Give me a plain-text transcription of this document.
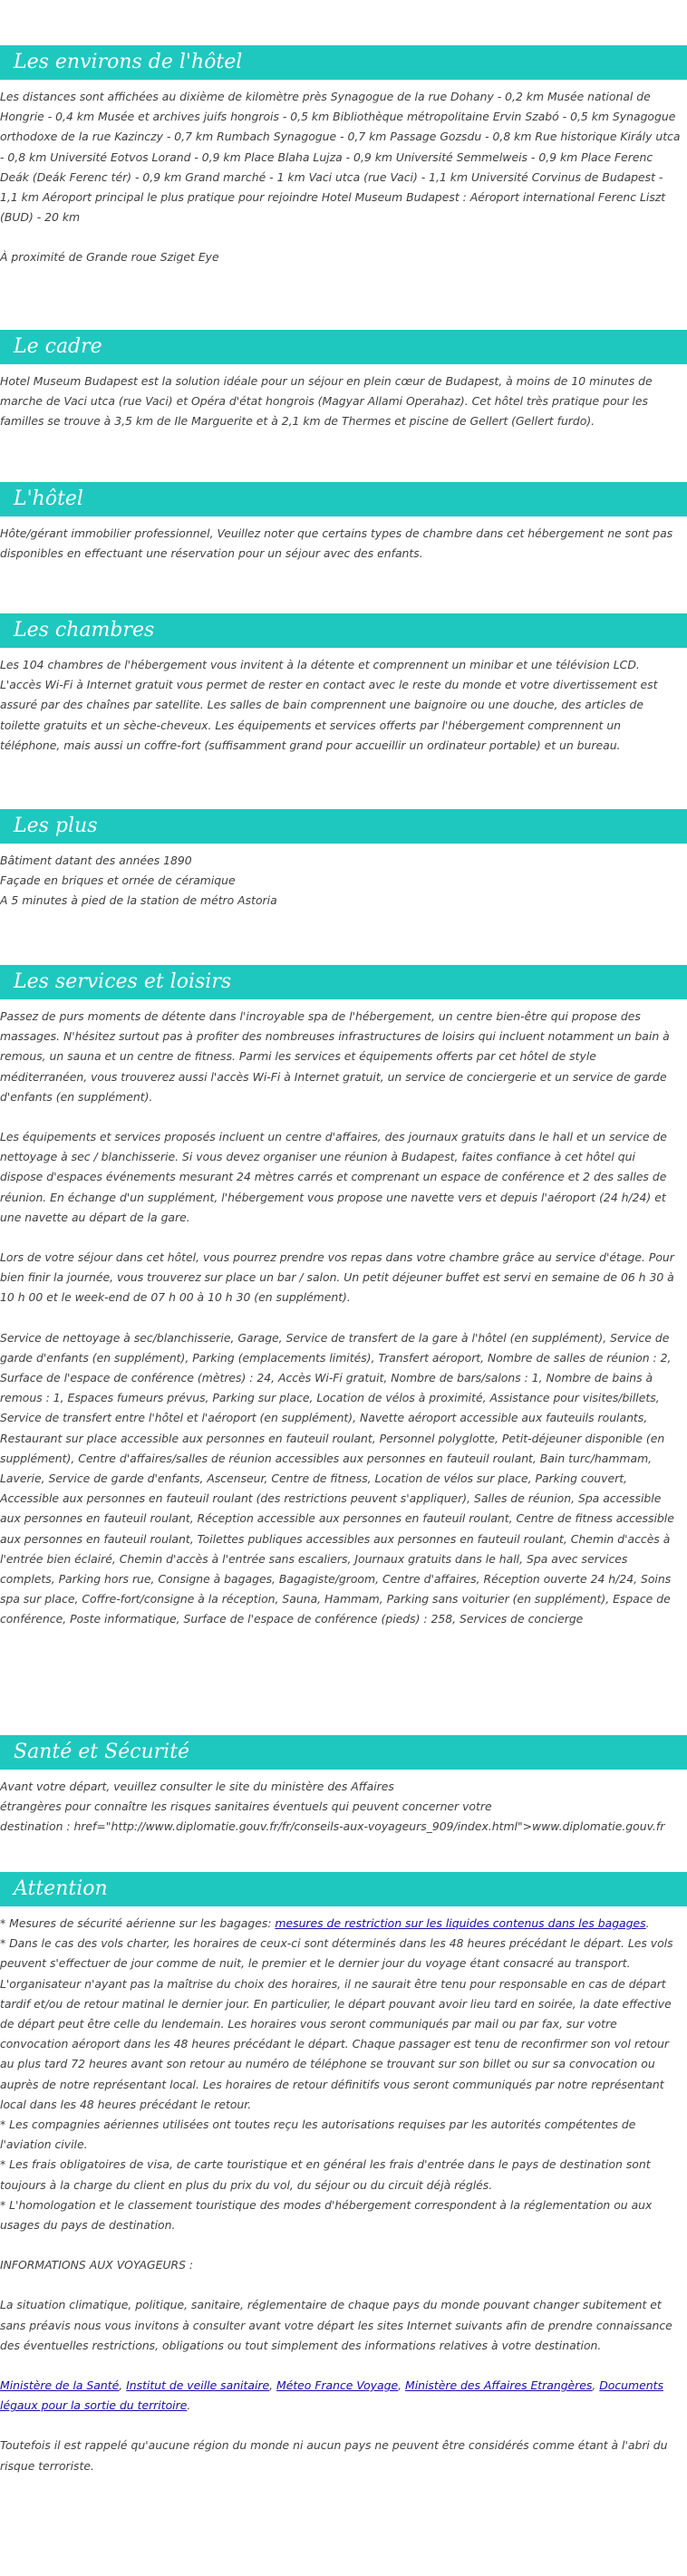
Les environs de l'hôtel

Les distances sont affichées au dixième de kilomètre près Synagogue de la rue Dohany - 0,2 km Musée national de Hongrie - 0,4 km Musée et archives juifs hongrois - 0,5 km Bibliothèque métropolitaine Ervin Szabó - 0,5 km Synagogue orthodoxe de la rue Kazinczy - 0,7 km Rumbach Synagogue - 0,7 km Passage Gozsdu - 0,8 km Rue historique Király utca - 0,8 km Université Eotvos Lorand - 0,9 km Place Blaha Lujza - 0,9 km Université Semmelweis - 0,9 km Place Ferenc Deák (Deák Ferenc tér) - 0,9 km Grand marché - 1 km Vaci utca (rue Vaci) - 1,1 km Université Corvinus de Budapest - 1,1 km Aéroport principal le plus pratique pour rejoindre Hotel Museum Budapest : Aéroport international Ferenc Liszt (BUD) - 20 km

À proximité de Grande roue Sziget Eye

Le cadre

Hotel Museum Budapest est la solution idéale pour un séjour en plein cœur de Budapest, à moins de 10 minutes de marche de Vaci utca (rue Vaci) et Opéra d'état hongrois (Magyar Allami Operahaz). Cet hôtel très pratique pour les familles se trouve à 3,5 km de Ile Marguerite et à 2,1 km de Thermes et piscine de Gellert (Gellert furdo).

L'hôtel

Hôte/gérant immobilier professionnel, Veuillez noter que certains types de chambre dans cet hébergement ne sont pas disponibles en effectuant une réservation pour un séjour avec des enfants.

Les chambres

Les 104 chambres de l'hébergement vous invitent à la détente et comprennent un minibar et une télévision LCD. L'accès Wi-Fi à Internet gratuit vous permet de rester en contact avec le reste du monde et votre divertissement est assuré par des chaînes par satellite. Les salles de bain comprennent une baignoire ou une douche, des articles de toilette gratuits et un sèche-cheveux. Les équipements et services offerts par l'hébergement comprennent un téléphone, mais aussi un coffre-fort (suffisamment grand pour accueillir un ordinateur portable) et un bureau.

Les plus

Bâtiment datant des années 1890

Façade en briques et ornée de céramique

A 5 minutes à pied de la station de métro Astoria

Les services et loisirs

Passez de purs moments de détente dans l'incroyable spa de l'hébergement, un centre bien-être qui propose des massages. N'hésitez surtout pas à profiter des nombreuses infrastructures de loisirs qui incluent notamment un bain à remous, un sauna et un centre de fitness. Parmi les services et équipements offerts par cet hôtel de style méditerranéen, vous trouverez aussi l'accès Wi-Fi à Internet gratuit, un service de conciergerie et un service de garde d'enfants (en supplément).

Les équipements et services proposés incluent un centre d'affaires, des journaux gratuits dans le hall et un service de nettoyage à sec / blanchisserie. Si vous devez organiser une réunion à Budapest, faites confiance à cet hôtel qui dispose d'espaces événements mesurant 24 mètres carrés et comprenant un espace de conférence et 2 des salles de réunion. En échange d'un supplément, l'hébergement vous propose une navette vers et depuis l'aéroport (24 h/24) et une navette au départ de la gare.

Lors de votre séjour dans cet hôtel, vous pourrez prendre vos repas dans votre chambre grâce au service d'étage. Pour bien finir la journée, vous trouverez sur place un bar / salon. Un petit déjeuner buffet est servi en semaine de 06 h 30 à 10 h 00 et le week-end de 07 h 00 à 10 h 30 (en supplément).

Service de nettoyage à sec/blanchisserie, Garage, Service de transfert de la gare à l'hôtel (en supplément), Service de garde d'enfants (en supplément), Parking (emplacements limités), Transfert aéroport, Nombre de salles de réunion : 2, Surface de l'espace de conférence (mètres) : 24, Accès Wi-Fi gratuit, Nombre de bars/salons : 1, Nombre de bains à remous : 1, Espaces fumeurs prévus, Parking sur place, Location de vélos à proximité, Assistance pour visites/billets, Service de transfert entre l'hôtel et l'aéroport (en supplément), Navette aéroport accessible aux fauteuils roulants, Restaurant sur place accessible aux personnes en fauteuil roulant, Personnel polyglotte, Petit-déjeuner disponible (en supplément), Centre d'affaires/salles de réunion accessibles aux personnes en fauteuil roulant, Bain turc/hammam, Laverie, Service de garde d'enfants, Ascenseur, Centre de fitness, Location de vélos sur place, Parking couvert, Accessible aux personnes en fauteuil roulant (des restrictions peuvent s'appliquer), Salles de réunion, Spa accessible aux personnes en fauteuil roulant, Réception accessible aux personnes en fauteuil roulant, Centre de fitness accessible aux personnes en fauteuil roulant, Toilettes publiques accessibles aux personnes en fauteuil roulant, Chemin d'accès à l'entrée bien éclairé, Chemin d'accès à l'entrée sans escaliers, Journaux gratuits dans le hall, Spa avec services complets, Parking hors rue, Consigne à bagages, Bagagiste/groom, Centre d'affaires, Réception ouverte 24 h/24, Soins spa sur place, Coffre-fort/consigne à la réception, Sauna, Hammam, Parking sans voiturier (en supplément), Espace de conférence, Poste informatique, Surface de l'espace de conférence (pieds) : 258, Services de concierge

Santé et Sécurité

Avant votre départ, veuillez consulter le site du ministère des Affaires

étrangères pour connaître les risques sanitaires éventuels qui peuvent concerner votre

destination : href="http://www.diplomatie.gouv.fr/fr/conseils-aux-voyageurs_909/index.html">www.diplomatie.gouv.fr

Attention

* Mesures de sécurité aérienne sur les bagages: mesures de restriction sur les liquides contenus dans les bagages.

* Dans le cas des vols charter, les horaires de ceux-ci sont déterminés dans les 48 heures précédant le départ. Les vols peuvent s'effectuer de jour comme de nuit, le premier et le dernier jour du voyage étant consacré au transport. L'organisateur n'ayant pas la maîtrise du choix des horaires, il ne saurait être tenu pour responsable en cas de départ tardif et/ou de retour matinal le dernier jour. En particulier, le départ pouvant avoir lieu tard en soirée, la date effective de départ peut être celle du lendemain. Les horaires vous seront communiqués par mail ou par fax, sur votre convocation aéroport dans les 48 heures précédant le départ. Chaque passager est tenu de reconfirmer son vol retour au plus tard 72 heures avant son retour au numéro de téléphone se trouvant sur son billet ou sur sa convocation ou auprès de notre représentant local. Les horaires de retour définitifs vous seront communiqués par notre représentant local dans les 48 heures précédant le retour.

* Les compagnies aériennes utilisées ont toutes reçu les autorisations requises par les autorités compétentes de l'aviation civile.

* Les frais obligatoires de visa, de carte touristique et en général les frais d'entrée dans le pays de destination sont toujours à la charge du client en plus du prix du vol, du séjour ou du circuit déjà réglés.

* L'homologation et le classement touristique des modes d'hébergement correspondent à la réglementation ou aux usages du pays de destination.

INFORMATIONS AUX VOYAGEURS :

La situation climatique, politique, sanitaire, réglementaire de chaque pays du monde pouvant changer subitement et sans préavis nous vous invitons à consulter avant votre départ les sites Internet suivants afin de prendre connaissance des éventuelles restrictions, obligations ou tout simplement des informations relatives à votre destination.

Ministère de la Santé, Institut de veille sanitaire, Méteo France Voyage, Ministère des Affaires Etrangères, Documents légaux pour la sortie du territoire.

Toutefois il est rappelé qu'aucune région du monde ni aucun pays ne peuvent être considérés comme étant à l'abri du risque terroriste.
